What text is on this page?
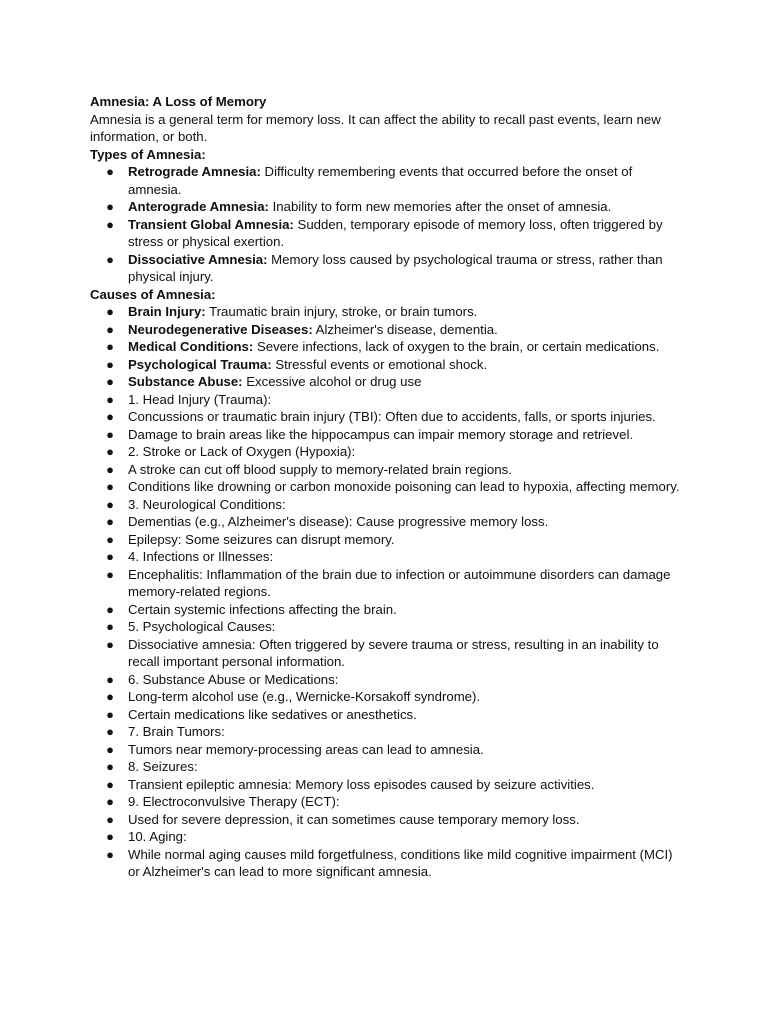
Amnesia: A Loss of Memory

Amnesia is a general term for memory loss. It can affect the ability to recall past events, learn new information, or both.

Types of Amnesia:

● Retrograde Amnesia: Difficulty remembering events that occurred before the onset of amnesia.
● Anterograde Amnesia: Inability to form new memories after the onset of amnesia.
● Transient Global Amnesia: Sudden, temporary episode of memory loss, often triggered by stress or physical exertion.
● Dissociative Amnesia: Memory loss caused by psychological trauma or stress, rather than physical injury.

Causes of Amnesia:

● Brain Injury: Traumatic brain injury, stroke, or brain tumors.
● Neurodegenerative Diseases: Alzheimer's disease, dementia.
● Medical Conditions: Severe infections, lack of oxygen to the brain, or certain medications.
● Psychological Trauma: Stressful events or emotional shock.
● Substance Abuse: Excessive alcohol or drug use
● 1. Head Injury (Trauma):
● Concussions or traumatic brain injury (TBI): Often due to accidents, falls, or sports injuries.
● Damage to brain areas like the hippocampus can impair memory storage and retrievel.
● 2. Stroke or Lack of Oxygen (Hypoxia):
● A stroke can cut off blood supply to memory-related brain regions.
● Conditions like drowning or carbon monoxide poisoning can lead to hypoxia, affecting memory.
● 3. Neurological Conditions:
● Dementias (e.g., Alzheimer's disease): Cause progressive memory loss.
● Epilepsy: Some seizures can disrupt memory.
● 4. Infections or Illnesses:
● Encephalitis: Inflammation of the brain due to infection or autoimmune disorders can damage memory-related regions.
● Certain systemic infections affecting the brain.
● 5. Psychological Causes:
● Dissociative amnesia: Often triggered by severe trauma or stress, resulting in an inability to recall important personal information.
● 6. Substance Abuse or Medications:
● Long-term alcohol use (e.g., Wernicke-Korsakoff syndrome).
● Certain medications like sedatives or anesthetics.
● 7. Brain Tumors:
● Tumors near memory-processing areas can lead to amnesia.
● 8. Seizures:
● Transient epileptic amnesia: Memory loss episodes caused by seizure activities.
● 9. Electroconvulsive Therapy (ECT):
● Used for severe depression, it can sometimes cause temporary memory loss.
● 10. Aging:
● While normal aging causes mild forgetfulness, conditions like mild cognitive impairment (MCI) or Alzheimer's can lead to more significant amnesia.
